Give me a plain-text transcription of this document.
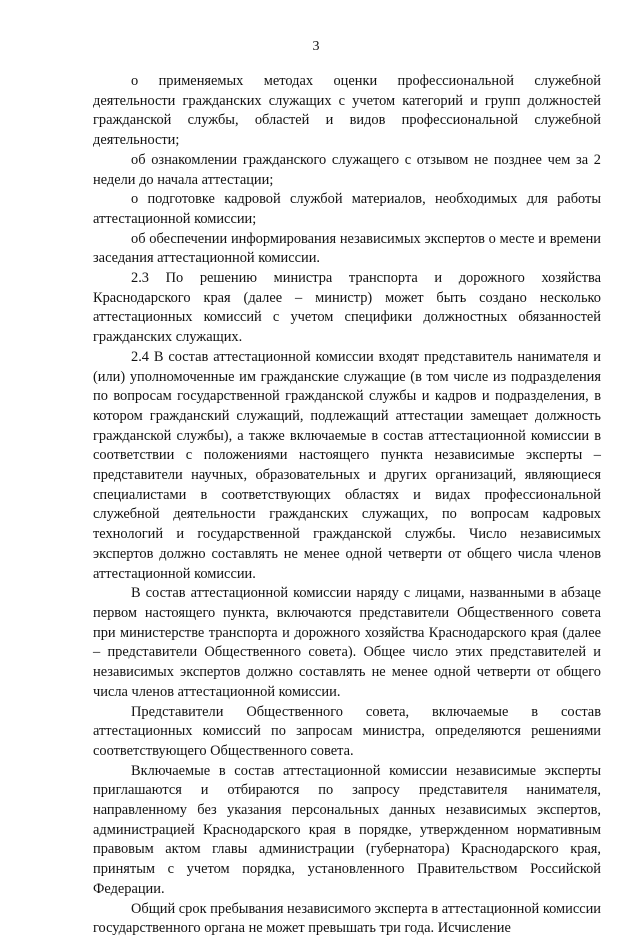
3

о применяемых методах оценки профессиональной служебной деятельности гражданских служащих с учетом категорий и групп должностей гражданской службы, областей и видов профессиональной служебной деятельности;

об ознакомлении гражданского служащего с отзывом не позднее чем за 2 недели до начала аттестации;

о подготовке кадровой службой материалов, необходимых для работы аттестационной комиссии;

об обеспечении информирования независимых экспертов о месте и времени заседания аттестационной комиссии.

2.3 По решению министра транспорта и дорожного хозяйства Краснодарского края (далее – министр) может быть создано несколько аттестационных комиссий с учетом специфики должностных обязанностей гражданских служащих.

2.4 В состав аттестационной комиссии входят представитель нанимателя и (или) уполномоченные им гражданские служащие (в том числе из подразделения по вопросам государственной гражданской службы и кадров и подразделения, в котором гражданский служащий, подлежащий аттестации замещает должность гражданской службы), а также включаемые в состав аттестационной комиссии в соответствии с положениями настоящего пункта независимые эксперты – представители научных, образовательных и других организаций, являющиеся специалистами в соответствующих областях и видах профессиональной служебной деятельности гражданских служащих, по вопросам кадровых технологий и государственной гражданской службы. Число независимых экспертов должно составлять не менее одной четверти от общего числа членов аттестационной комиссии.

В состав аттестационной комиссии наряду с лицами, названными в абзаце первом настоящего пункта, включаются представители Общественного совета при министерстве транспорта и дорожного хозяйства Краснодарского края (далее – представители Общественного совета). Общее число этих представителей и независимых экспертов должно составлять не менее одной четверти от общего числа членов аттестационной комиссии.

Представители Общественного совета, включаемые в состав аттестационных комиссий по запросам министра, определяются решениями соответствующего Общественного совета.

Включаемые в состав аттестационной комиссии независимые эксперты приглашаются и отбираются по запросу представителя нанимателя, направленному без указания персональных данных независимых экспертов, администрацией Краснодарского края в порядке, утвержденном нормативным правовым актом главы администрации (губернатора) Краснодарского края, принятым с учетом порядка, установленного Правительством Российской Федерации.

Общий срок пребывания независимого эксперта в аттестационной комиссии государственного органа не может превышать три года. Исчисление
